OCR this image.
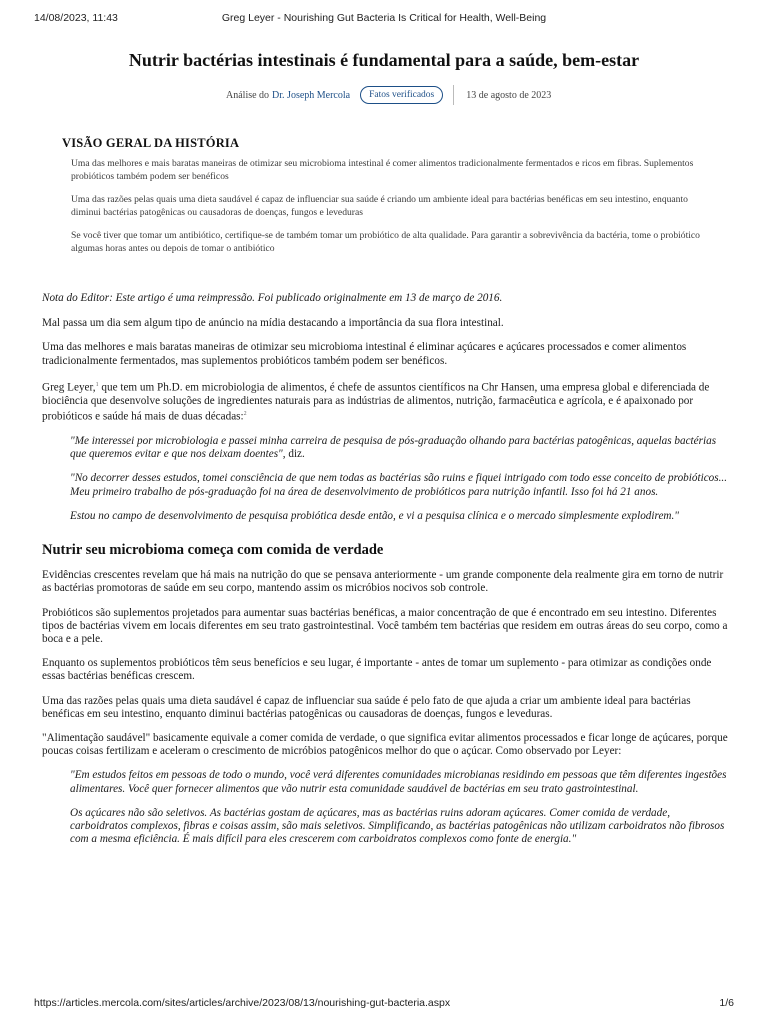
14/08/2023, 11:43	Greg Leyer - Nourishing Gut Bacteria Is Critical for Health, Well-Being
Nutrir bactérias intestinais é fundamental para a saúde, bem-estar
Análise do Dr. Joseph Mercola	Fatos verificados	13 de agosto de 2023
VISÃO GERAL DA HISTÓRIA

Uma das melhores e mais baratas maneiras de otimizar seu microbioma intestinal é comer alimentos tradicionalmente fermentados e ricos em fibras. Suplementos probióticos também podem ser benéficos

Uma das razões pelas quais uma dieta saudável é capaz de influenciar sua saúde é criando um ambiente ideal para bactérias benéficas em seu intestino, enquanto diminui bactérias patogênicas ou causadoras de doenças, fungos e leveduras

Se você tiver que tomar um antibiótico, certifique-se de também tomar um probiótico de alta qualidade. Para garantir a sobrevivência da bactéria, tome o probiótico algumas horas antes ou depois de tomar o antibiótico

Nota do Editor: Este artigo é uma reimpressão. Foi publicado originalmente em 13 de março de 2016.

Mal passa um dia sem algum tipo de anúncio na mídia destacando a importância da sua flora intestinal.

Uma das melhores e mais baratas maneiras de otimizar seu microbioma intestinal é eliminar açúcares e açúcares processados e comer alimentos tradicionalmente fermentados, mas suplementos probióticos também podem ser benéficos.

Greg Leyer,$^1$ que tem um Ph.D. em microbiologia de alimentos, é chefe de assuntos científicos na Chr Hansen, uma empresa global e diferenciada de biociência que desenvolve soluções de ingredientes naturais para as indústrias de alimentos, nutrição, farmacêutica e agrícola, e é apaixonado por probióticos e saúde há mais de duas décadas:$^2$

"Me interessei por microbiologia e passei minha carreira de pesquisa de pós-graduação olhando para bactérias patogênicas, aquelas bactérias que queremos evitar e que nos deixam doentes", diz.

"No decorrer desses estudos, tomei consciência de que nem todas as bactérias são ruins e fiquei intrigado com todo esse conceito de probióticos... Meu primeiro trabalho de pós-graduação foi na área de desenvolvimento de probióticos para nutrição infantil. Isso foi há 21 anos.

Estou no campo de desenvolvimento de pesquisa probiótica desde então, e vi a pesquisa clínica e o mercado simplesmente explodirem."

Nutrir seu microbioma começa com comida de verdade

Evidências crescentes revelam que há mais na nutrição do que se pensava anteriormente - um grande componente dela realmente gira em torno de nutrir as bactérias promotoras de saúde em seu corpo, mantendo assim os micróbios nocivos sob controle.

Probióticos são suplementos projetados para aumentar suas bactérias benéficas, a maior concentração de que é encontrado em seu intestino. Diferentes tipos de bactérias vivem em locais diferentes em seu trato gastrointestinal. Você também tem bactérias que residem em outras áreas do seu corpo, como a boca e a pele.

Enquanto os suplementos probióticos têm seus benefícios e seu lugar, é importante - antes de tomar um suplemento - para otimizar as condições onde essas bactérias benéficas crescem.

Uma das razões pelas quais uma dieta saudável é capaz de influenciar sua saúde é pelo fato de que ajuda a criar um ambiente ideal para bactérias benéficas em seu intestino, enquanto diminui bactérias patogênicas ou causadoras de doenças, fungos e leveduras.

"Alimentação saudável" basicamente equivale a comer comida de verdade, o que significa evitar alimentos processados e ficar longe de açúcares, porque poucas coisas fertilizam e aceleram o crescimento de micróbios patogênicos melhor do que o açúcar. Como observado por Leyer:

"Em estudos feitos em pessoas de todo o mundo, você verá diferentes comunidades microbianas residindo em pessoas que têm diferentes ingestões alimentares. Você quer fornecer alimentos que vão nutrir esta comunidade saudável de bactérias em seu trato gastrointestinal.

Os açúcares não são seletivos. As bactérias gostam de açúcares, mas as bactérias ruins adoram açúcares. Comer comida de verdade, carboidratos complexos, fibras e coisas assim, são mais seletivos. Simplificando, as bactérias patogênicas não utilizam carboidratos não fibrosos com a mesma eficiência. É mais difícil para eles crescerem com carboidratos complexos como fonte de energia."

https://articles.mercola.com/sites/articles/archive/2023/08/13/nourishing-gut-bacteria.aspx	1/6
